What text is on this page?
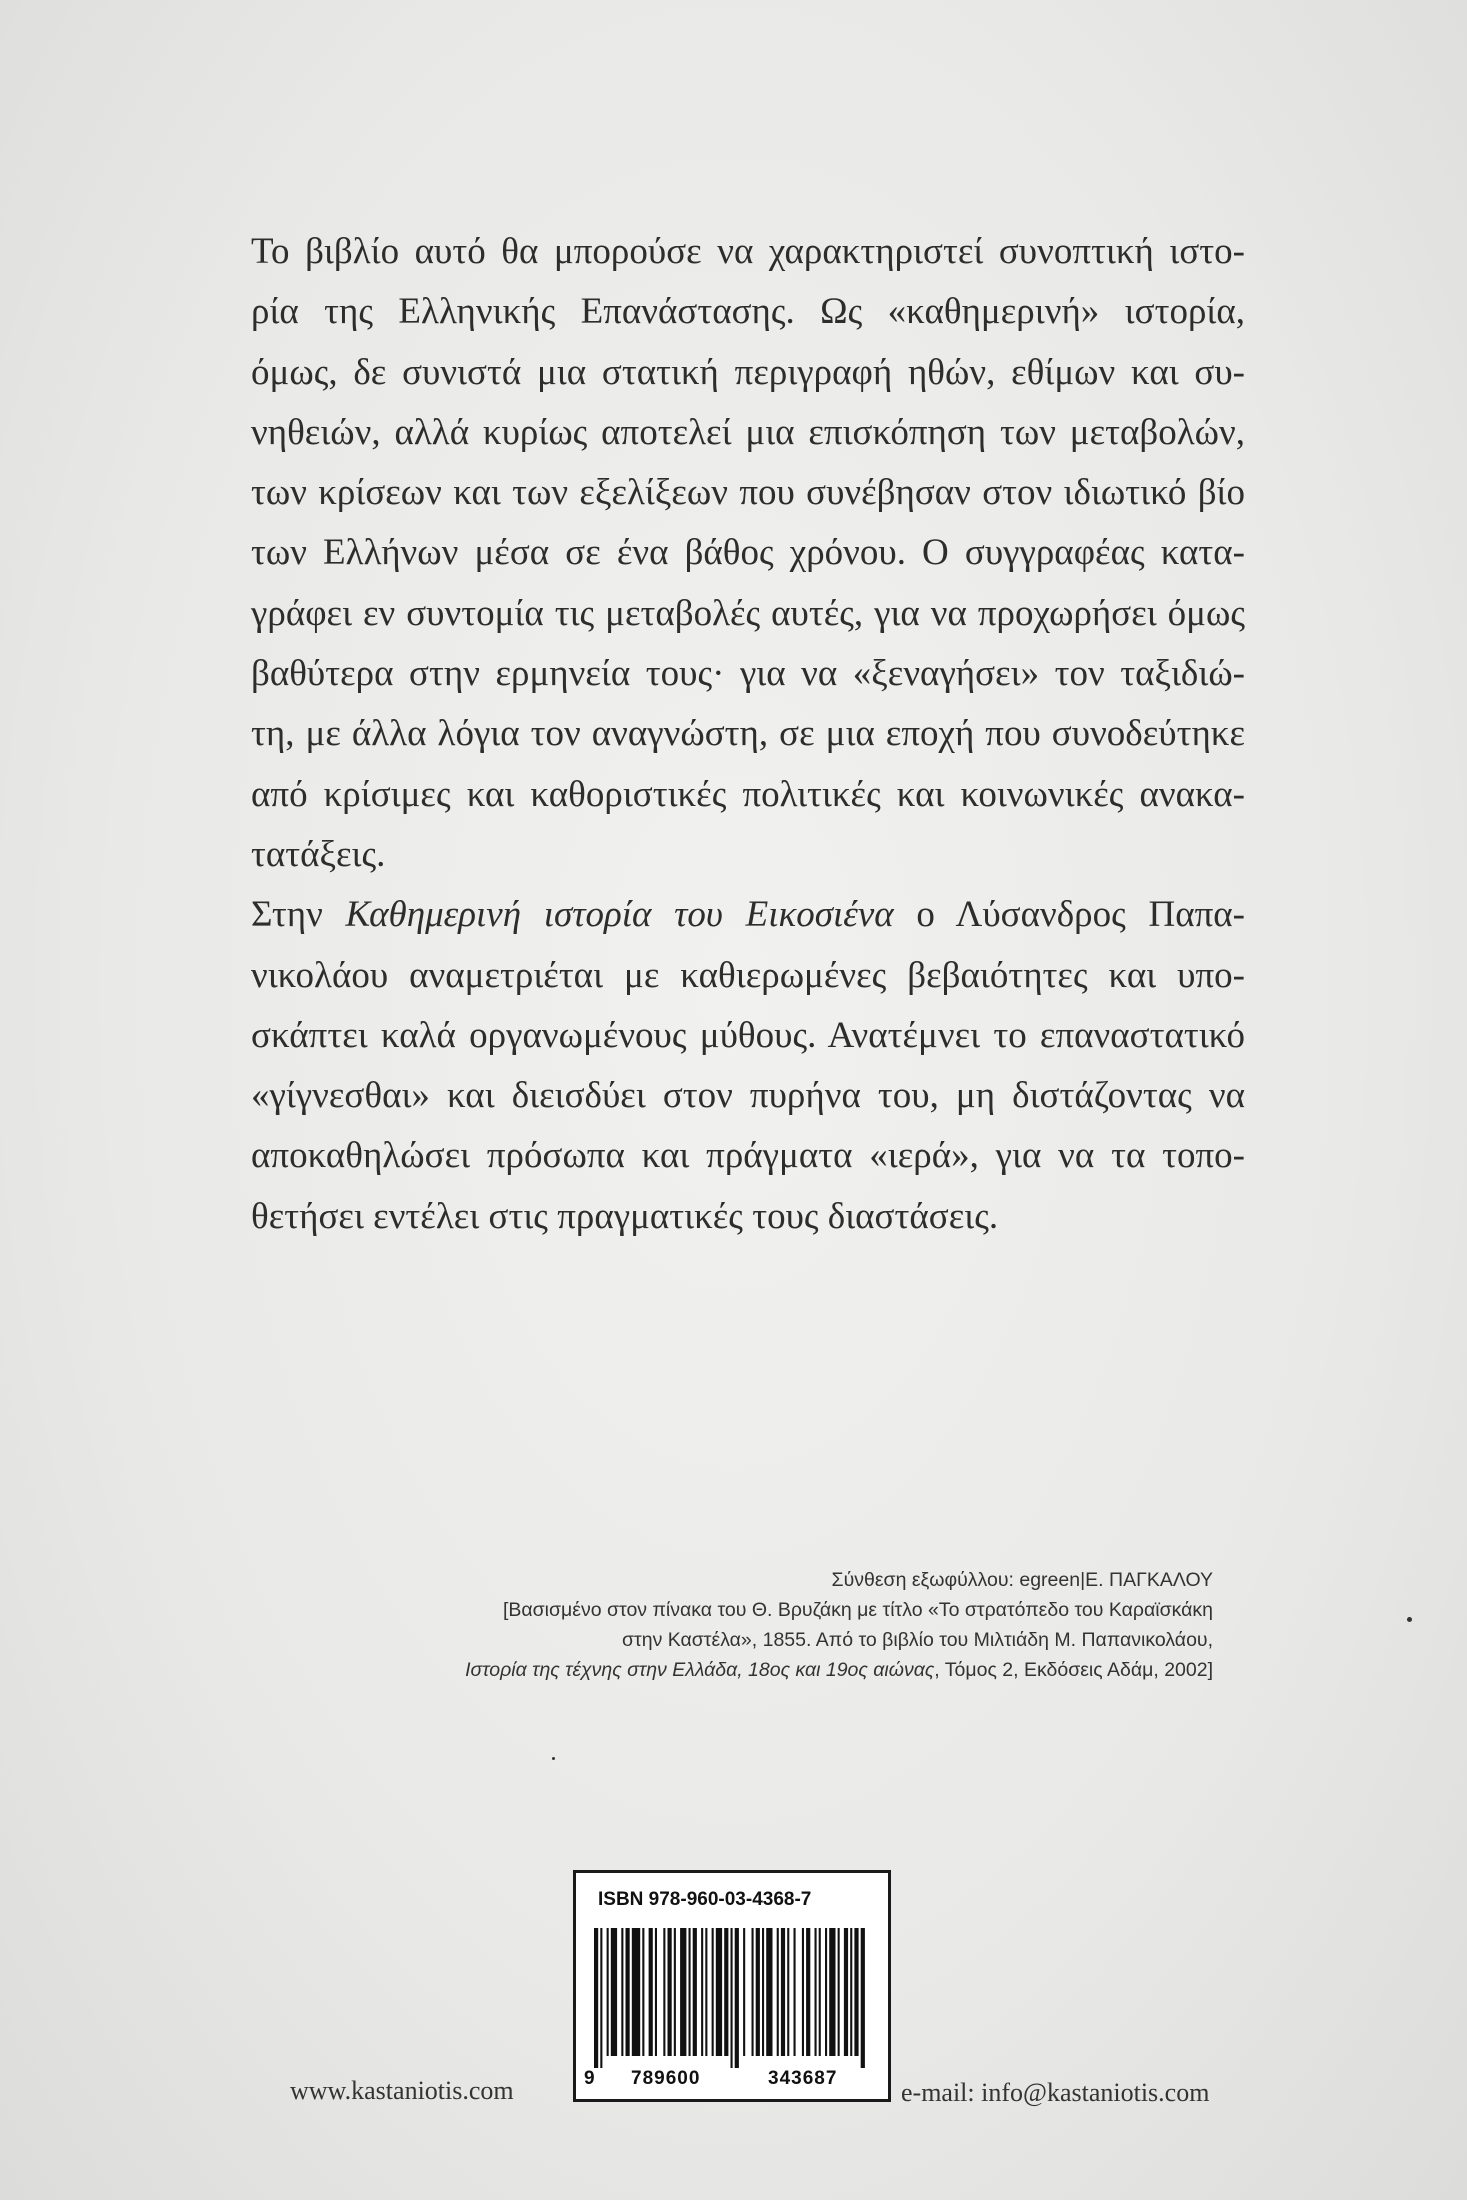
Το βιβλίο αυτό θα μπορούσε να χαρακτηριστεί συνοπτική ιστο-
ρία της Ελληνικής Επανάστασης. Ως «καθημερινή» ιστορία,
όμως, δε συνιστά μια στατική περιγραφή ηθών, εθίμων και συ-
νηθειών, αλλά κυρίως αποτελεί μια επισκόπηση των μεταβολών,
των κρίσεων και των εξελίξεων που συνέβησαν στον ιδιωτικό βίο
των Ελλήνων μέσα σε ένα βάθος χρόνου. Ο συγγραφέας κατα-
γράφει εν συντομία τις μεταβολές αυτές, για να προχωρήσει όμως
βαθύτερα στην ερμηνεία τους· για να «ξεναγήσει» τον ταξιδιώ-
τη, με άλλα λόγια τον αναγνώστη, σε μια εποχή που συνοδεύτηκε
από κρίσιμες και καθοριστικές πολιτικές και κοινωνικές ανακα-
τατάξεις.

Στην Καθημερινή ιστορία του Εικοσιένα ο Λύσανδρος Παπα-
νικολάου αναμετριέται με καθιερωμένες βεβαιότητες και υπο-
σκάπτει καλά οργανωμένους μύθους. Ανατέμνει το επαναστατικό
«γίγνεσθαι» και διεισδύει στον πυρήνα του, μη διστάζοντας να
αποκαθηλώσει πρόσωπα και πράγματα «ιερά», για να τα τοπο-
θετήσει εντέλει στις πραγματικές τους διαστάσεις.

Σύνθεση εξωφύλλου: egreen|Ε. ΠΑΓΚΑΛΟΥ
[Βασισμένο στον πίνακα του Θ. Βρυζάκη με τίτλο «Το στρατόπεδο του Καραϊσκάκη
στην Καστέλα», 1855. Από το βιβλίο του Μιλτιάδη Μ. Παπανικολάου,
Ιστορία της τέχνης στην Ελλάδα, 18ος και 19ος αιώνας, Τόμος 2, Εκδόσεις Αδάμ, 2002]
ISBN 978-960-03-4368-7
9 789600	343687
www.kastaniotis.com	e-mail: info@kastaniotis.com
